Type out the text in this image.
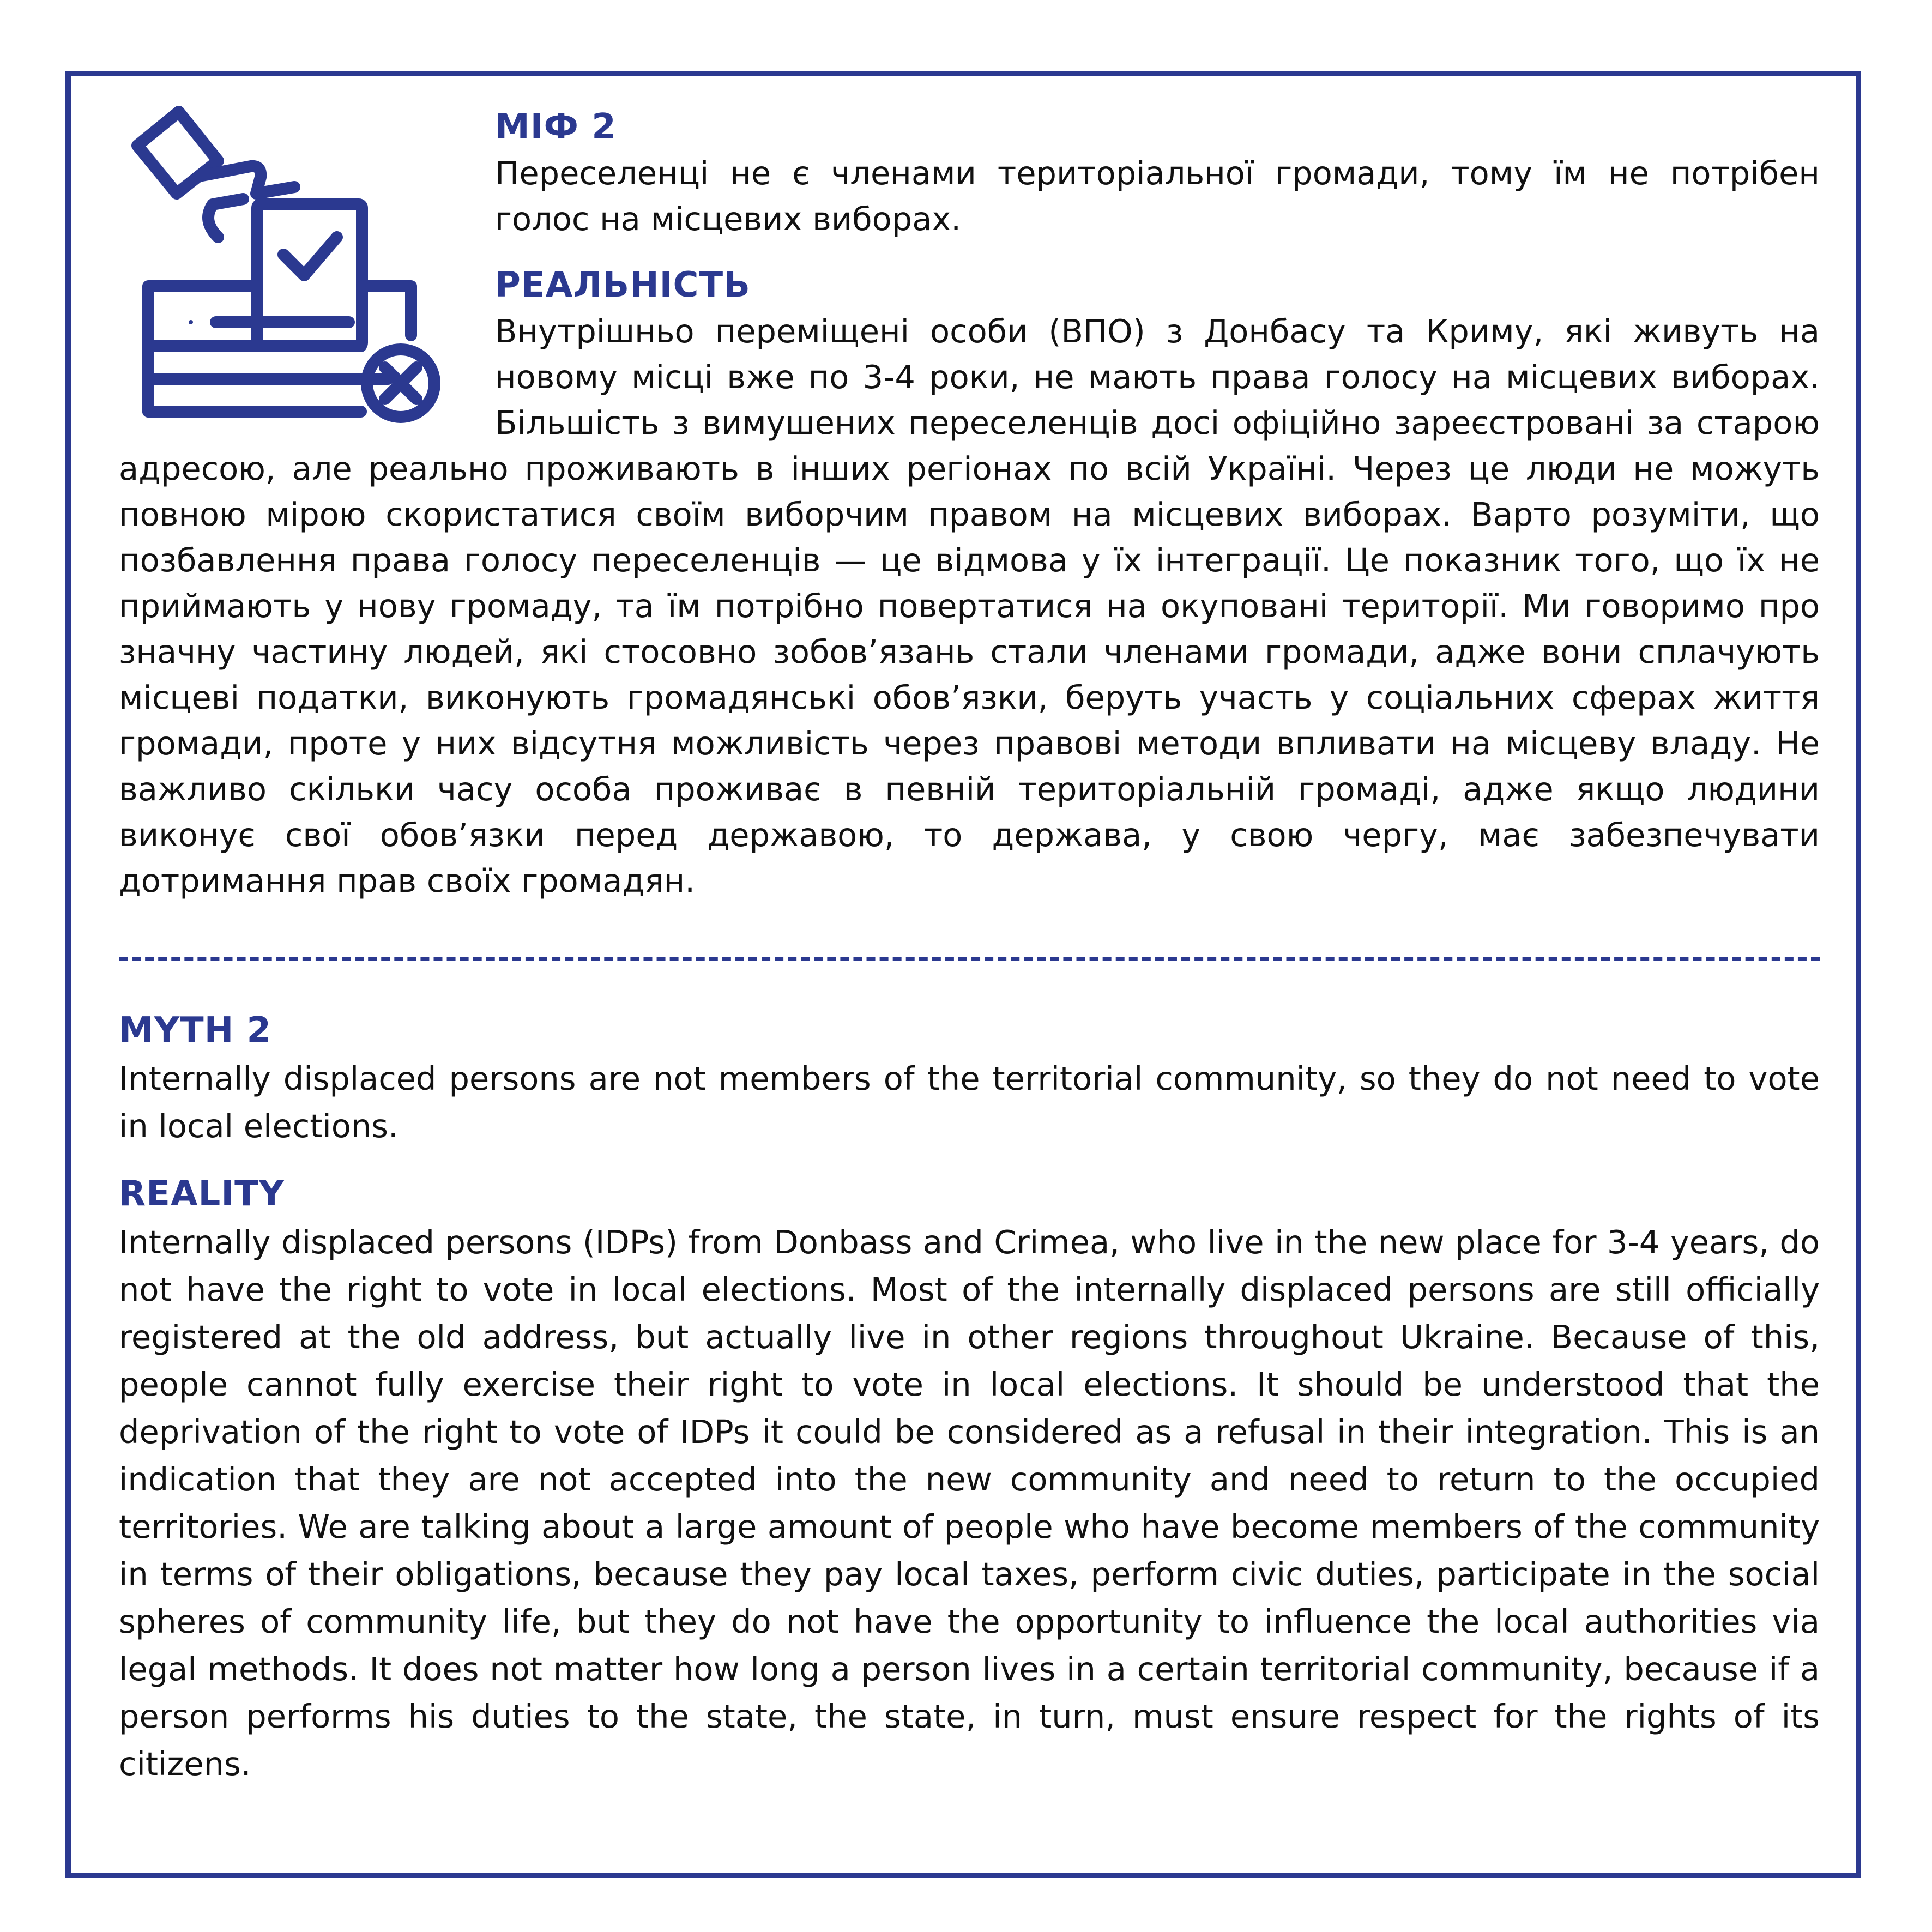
МІФ 2

Переселенці не є членами територіальної громади, тому їм не потрібен голос на місцевих виборах.

РЕАЛЬНІСТЬ

Внутрішньо переміщені особи (ВПО) з Донбасу та Криму, які живуть на новому місці вже по 3-4 роки, не мають права голосу на місцевих виборах. Більшість з вимушених переселенців досі офіційно зареєстровані за старою адресою, але реально проживають в інших регіонах по всій Україні. Через це люди не можуть повною мірою скористатися своїм виборчим правом на місцевих виборах. Варто розуміти, що позбавлення права голосу переселенців — це відмова у їх інтеграції. Це показник того, що їх не приймають у нову громаду, та їм потрібно повертатися на окуповані території. Ми говоримо про значну частину людей, які стосовно зобов’язань стали членами громади, адже вони сплачують місцеві податки, виконують громадянські обов’язки, беруть участь у соціальних сферах життя громади, проте у них відсутня можливість через правові методи впливати на місцеву владу. Не важливо скільки часу особа проживає в певній територіальній громаді, адже якщо людини виконує свої обов’язки перед державою, то держава, у свою чергу, має забезпечувати дотримання прав своїх громадян.

MYTH 2

Internally displaced persons are not members of the territorial community, so they do not need to vote in local elections.

REALITY

Internally displaced persons (IDPs) from Donbass and Crimea, who live in the new place for 3-4 years, do not have the right to vote in local elections. Most of the internally displaced persons are still officially registered at the old address, but actually live in other regions throughout Ukraine. Because of this, people cannot fully exercise their right to vote in local elections. It should be understood that the deprivation of the right to vote of IDPs it could be considered as a refusal in their integration. This is an indication that they are not accepted into the new community and need to return to the occupied territories. We are talking about a large amount of people who have become members of the community in terms of their obligations, because they pay local taxes, perform civic duties, participate in the social spheres of community life, but they do not have the opportunity to influence the local authorities via legal methods. It does not matter how long a person lives in a certain territorial community, because if a person performs his duties to the state, the state, in turn, must ensure respect for the rights of its citizens.
